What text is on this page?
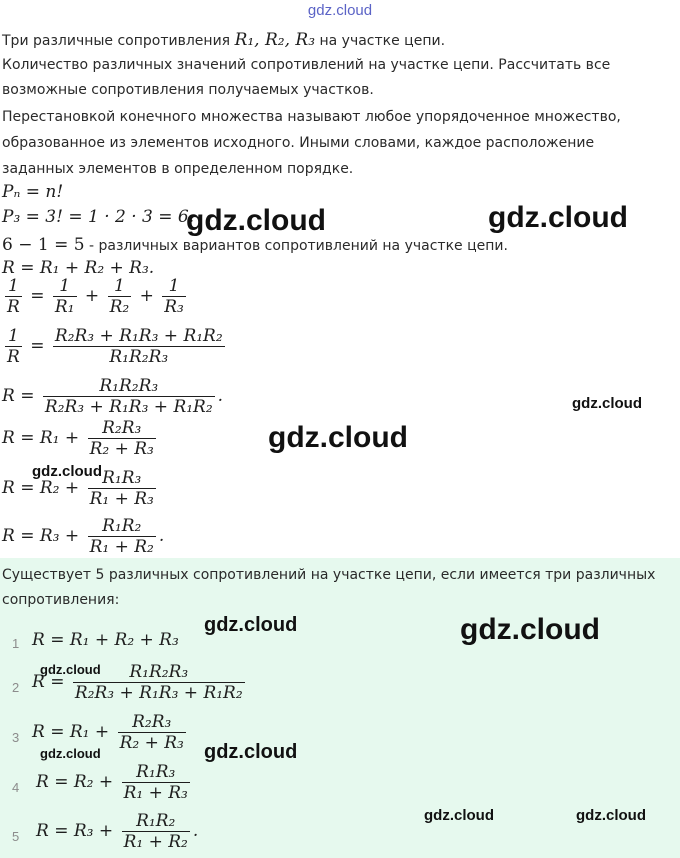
gdz.cloud
Три различные сопротивления R₁, R₂, R₃ на участке цепи.
Количество различных значений сопротивлений на участке цепи. Рассчитать все
возможные сопротивления получаемых участков.
Перестановкой конечного множества называют любое упорядоченное множество,
образованное из элементов исходного. Иными словами, каждое расположение
заданных элементов в определенном порядке.
Pₙ = n!
P₃ = 3! = 1 · 2 · 3 = 6.
6 − 1 = 5 - различных вариантов сопротивлений на участке цепи.
R = R₁ + R₂ + R₃.
$\frac{1}{R} = \frac{1}{\text{R₁}} + \frac{1}{\text{R₂}} + \frac{1}{\text{R₃}}$
$\frac{1}{R} = \frac{\text{R₂R₃ + R₁R₃ + R₁R₂}}{\text{R₁R₂R₃}}$
$R = \frac{\text{R₁R₂R₃}}{\text{R₂R₃ + R₁R₃ + R₁R₂}}$ .
$R = R_1 + \frac{\text{R₂R₃}}{\text{R₂ + R₃}}$
$R = R_2 + \frac{\text{R₁R₃}}{\text{R₁ + R₃}}$
$R = R_3 + \frac{\text{R₁R₂}}{\text{R₁ + R₂}}$ .
Существует 5 различных сопротивлений на участке цепи, если имеется три различных
сопротивления:
1 R = R₁ + R₂ + R₃
2 $R = \frac{\text{R₁R₂R₃}}{\text{R₂R₃ + R₁R₃ + R₁R₂}}$
3 $R = R_1 + \frac{\text{R₂R₃}}{\text{R₂ + R₃}}$
4 $R = R_2 + \frac{\text{R₁R₃}}{\text{R₁ + R₃}}$
5 $R = R_3 + \frac{\text{R₁R₂}}{\text{R₁ + R₂}}$ .
gdz.cloud	gdz.cloud
gdz.cloud
gdz.cloud
gdz.cloud
gdz.cloud	gdz.cloud
gdz.cloud
gdz.cloud	gdz.cloud
gdz.cloud	gdz.cloud
